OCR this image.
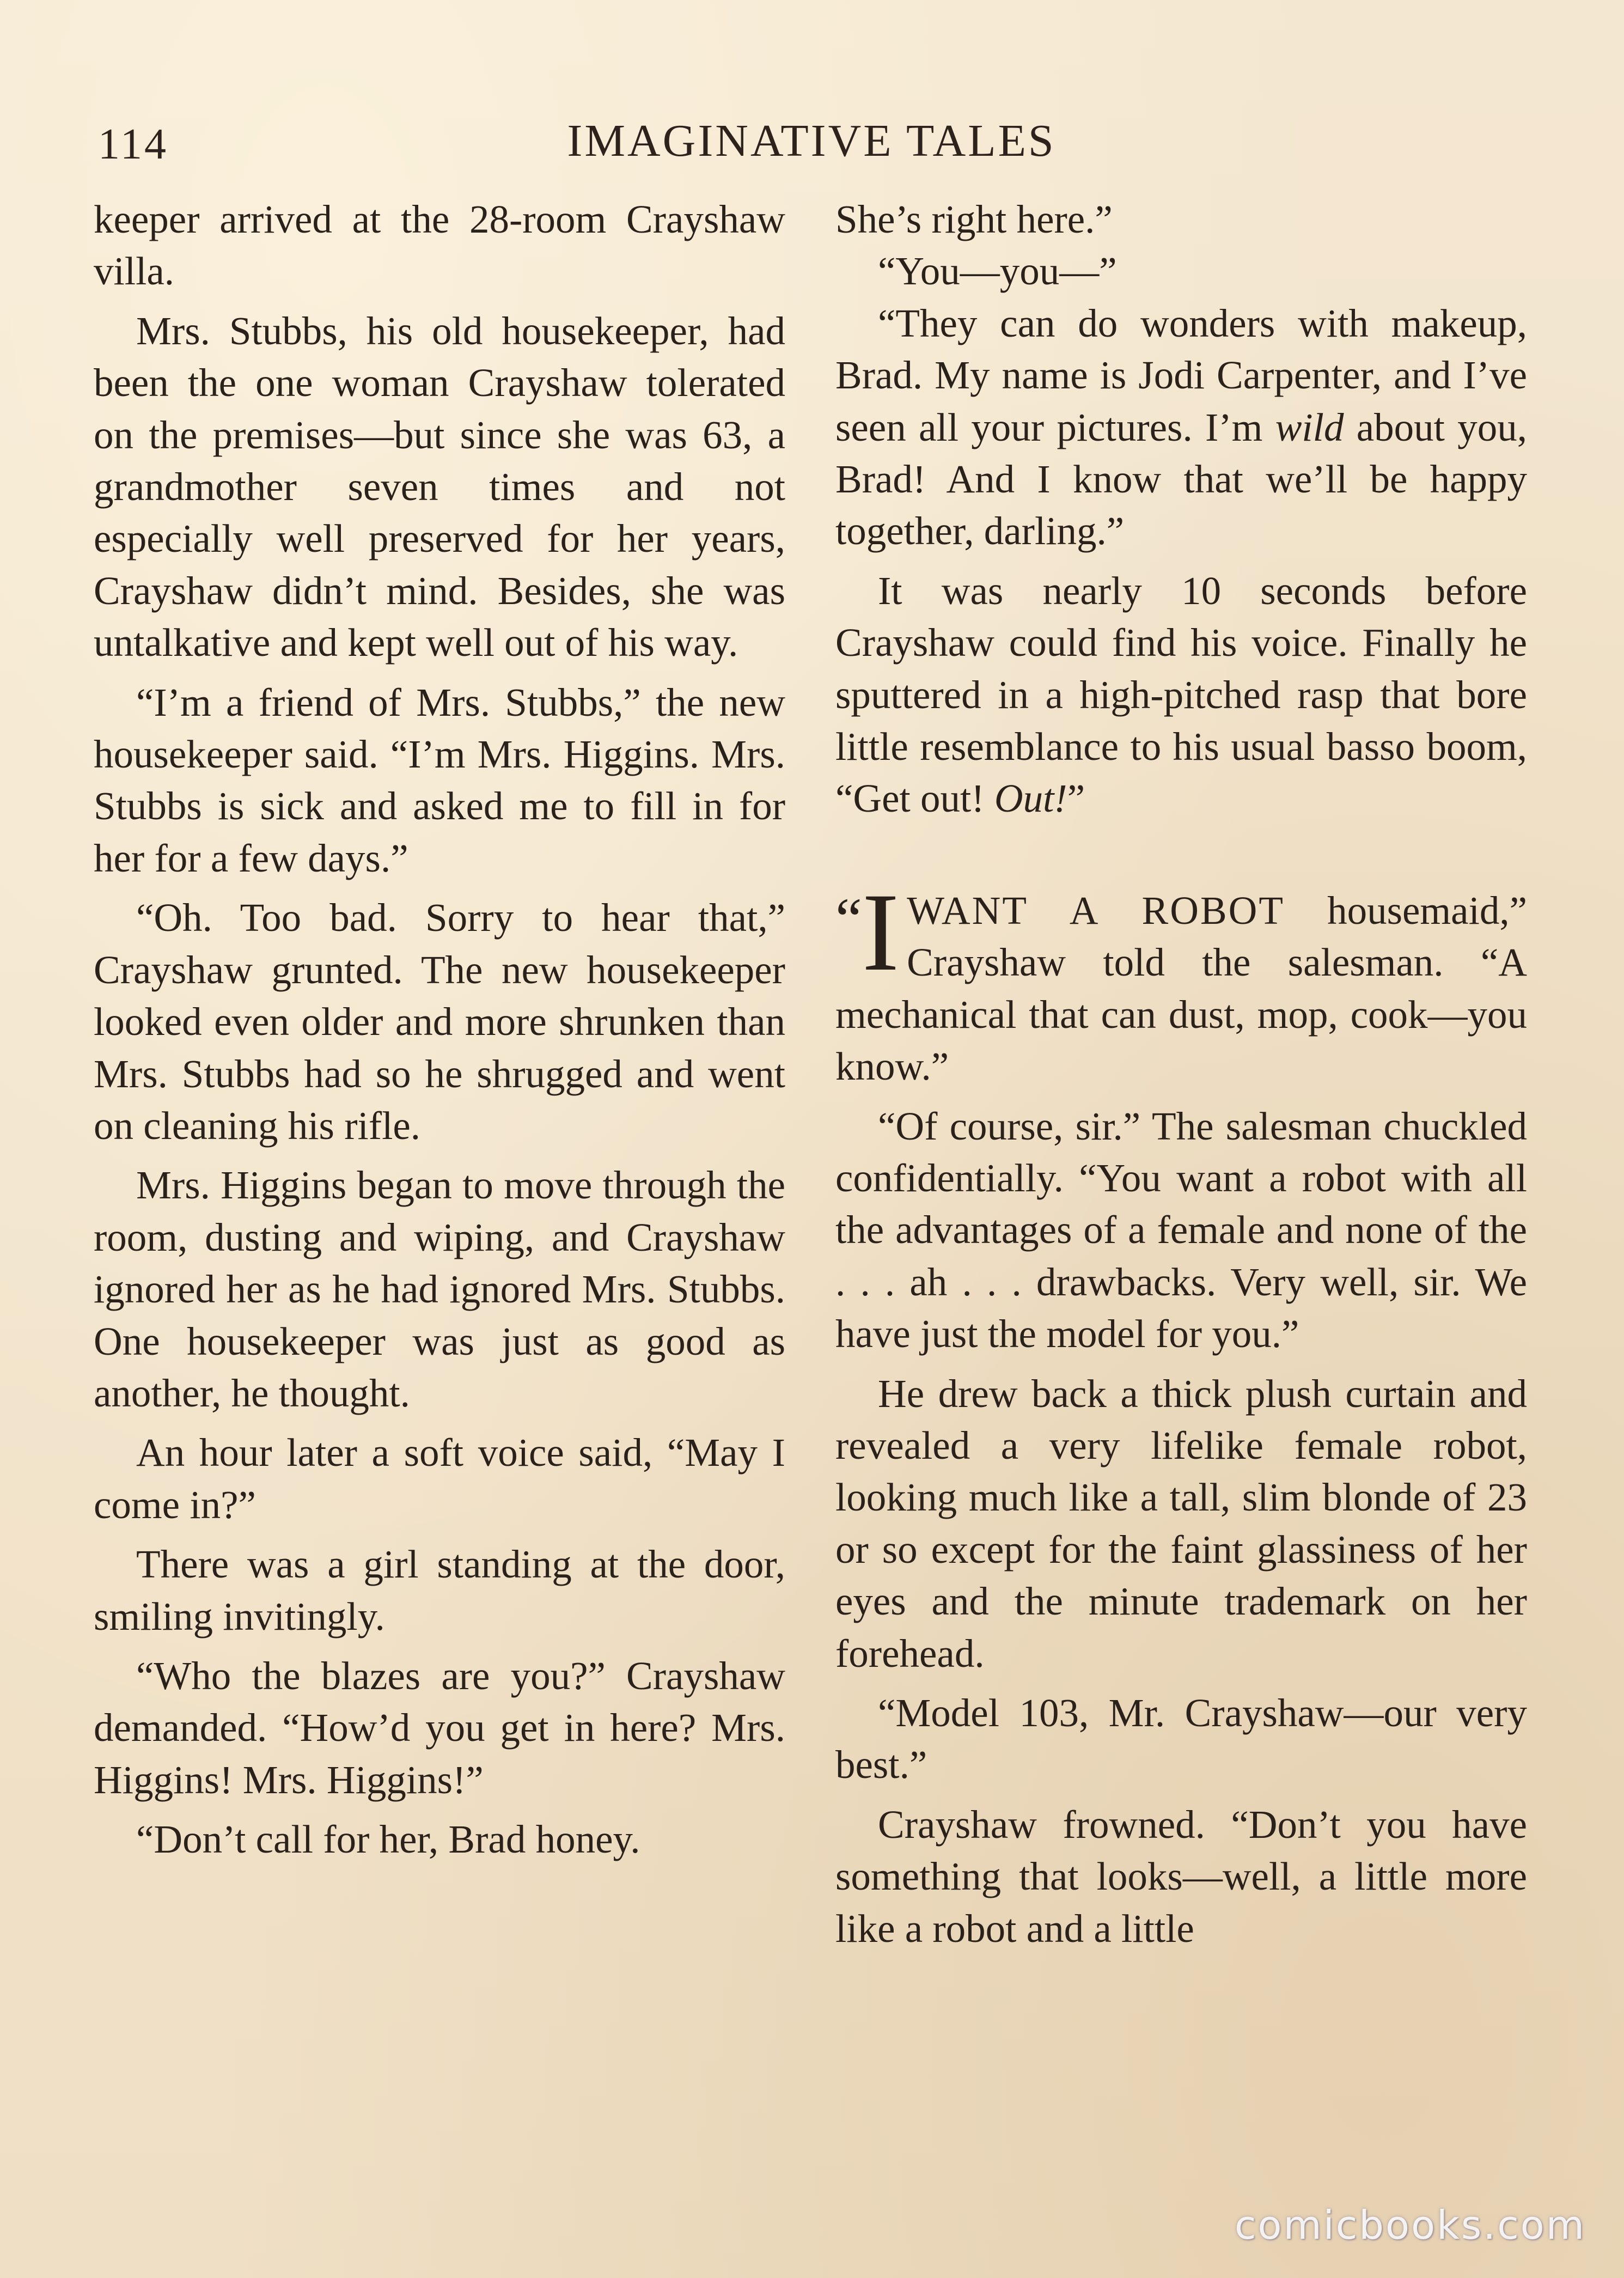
114	IMAGINATIVE TALES

keeper arrived at the 28-room Crayshaw villa.

Mrs. Stubbs, his old housekeeper, had been the one woman Crayshaw tolerated on the premises—but since she was 63, a grandmother seven times and not especially well preserved for her years, Crayshaw didn’t mind. Besides, she was untalkative and kept well out of his way.

“I’m a friend of Mrs. Stubbs,” the new housekeeper said. “I’m Mrs. Higgins. Mrs. Stubbs is sick and asked me to fill in for her for a few days.”

“Oh. Too bad. Sorry to hear that,” Crayshaw grunted. The new housekeeper looked even older and more shrunken than Mrs. Stubbs had so he shrugged and went on cleaning his rifle.

Mrs. Higgins began to move through the room, dusting and wiping, and Crayshaw ignored her as he had ignored Mrs. Stubbs. One housekeeper was just as good as another, he thought.

An hour later a soft voice said, “May I come in?”

There was a girl standing at the door, smiling invitingly.

“Who the blazes are you?” Crayshaw demanded. “How’d you get in here? Mrs. Higgins! Mrs. Higgins!”

“Don’t call for her, Brad honey.

She’s right here.”

“You—you—”

“They can do wonders with makeup, Brad. My name is Jodi Carpenter, and I’ve seen all your pictures. I’m wild about you, Brad! And I know that we’ll be happy together, darling.”

It was nearly 10 seconds before Crayshaw could find his voice. Finally he sputtered in a high-pitched rasp that bore little resemblance to his usual basso boom, “Get out! Out!”

“I WANT A ROBOT housemaid,” Crayshaw told the salesman. “A mechanical that can dust, mop, cook—you know.”

“Of course, sir.” The salesman chuckled confidentially. “You want a robot with all the advantages of a female and none of the . . . ah . . . drawbacks. Very well, sir. We have just the model for you.”

He drew back a thick plush curtain and revealed a very lifelike female robot, looking much like a tall, slim blonde of 23 or so except for the faint glassiness of her eyes and the minute trademark on her forehead.

“Model 103, Mr. Crayshaw—our very best.”

Crayshaw frowned. “Don’t you have something that looks—well, a little more like a robot and a little

comicbooks.com
